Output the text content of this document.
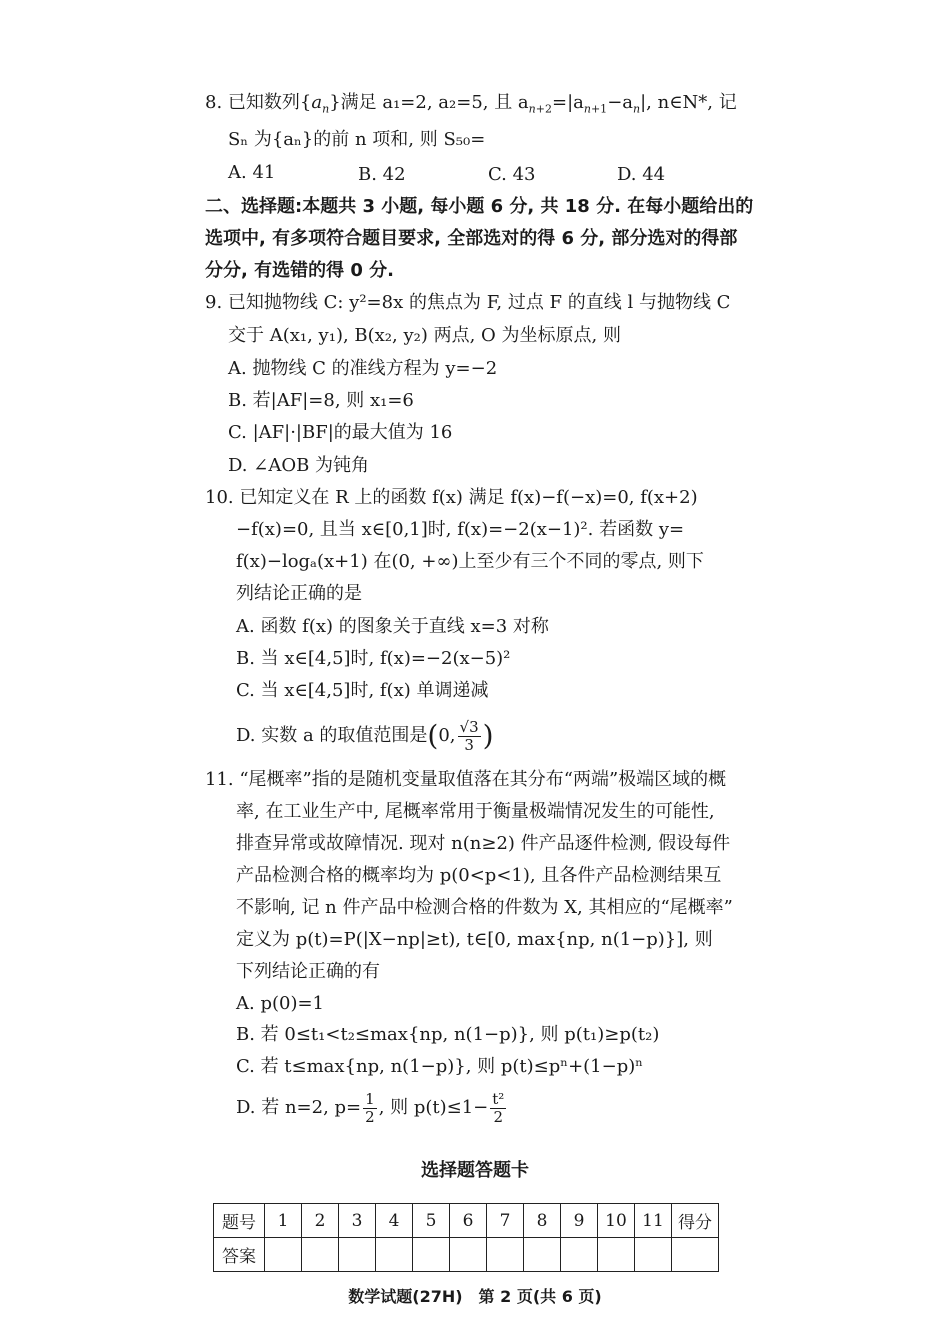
8. 已知数列$\{a_n\}$满足 a₁=2, a₂=5, 且 $a_{n+2}=|a_{n+1}-a_n|$, n∈N*, 记
Sₙ 为{aₙ}的前 n 项和, 则 S₅₀=
A. 41	B. 42	C. 43	D. 44
二、选择题:本题共 3 小题, 每小题 6 分, 共 18 分. 在每小题给出的
选项中, 有多项符合题目要求, 全部选对的得 6 分, 部分选对的得部
分分, 有选错的得 0 分.
9. 已知抛物线 C: y²=8x 的焦点为 F, 过点 F 的直线 l 与抛物线 C
交于 A(x₁, y₁), B(x₂, y₂) 两点, O 为坐标原点, 则
A. 抛物线 C 的准线方程为 y=−2
B. 若|AF|=8, 则 x₁=6
C. |AF|·|BF|的最大值为 16
D. ∠AOB 为钝角
10. 已知定义在 R 上的函数 f(x) 满足 f(x)−f(−x)=0, f(x+2)
−f(x)=0, 且当 x∈[0,1]时, f(x)=−2(x−1)². 若函数 y=
f(x)−logₐ(x+1) 在(0, +∞)上至少有三个不同的零点, 则下
列结论正确的是
A. 函数 f(x) 的图象关于直线 x=3 对称
B. 当 x∈[4,5]时, f(x)=−2(x−5)²
C. 当 x∈[4,5]时, f(x) 单调递减
D. 实数 a 的取值范围是(0, $\frac{√3}{3}$ )
11. “尾概率”指的是随机变量取值落在其分布“两端”极端区域的概
率, 在工业生产中, 尾概率常用于衡量极端情况发生的可能性,
排查异常或故障情况. 现对 n(n≥2) 件产品逐件检测, 假设每件
产品检测合格的概率均为 p(0<p<1), 且各件产品检测结果互
不影响, 记 n 件产品中检测合格的件数为 X, 其相应的“尾概率”
定义为 p(t)=P(|X−np|≥t), t∈[0, max{np, n(1−p)}], 则
下列结论正确的有
A. p(0)=1
B. 若 0≤t₁<t₂≤max{np, n(1−p)}, 则 p(t₁)≥p(t₂)
C. 若 t≤max{np, n(1−p)}, 则 p(t)≤pⁿ+(1−p)ⁿ
D. 若 n=2, $p= \frac{1}{2}$ , 则 $p(t)\le 1- \frac{\text{t²}}{2}$
选择题答题卡
题号	1	2	3	4	5	6	7	8	9	10	11	得分
答案												
数学试题(27H)　第 2 页(共 6 页)
